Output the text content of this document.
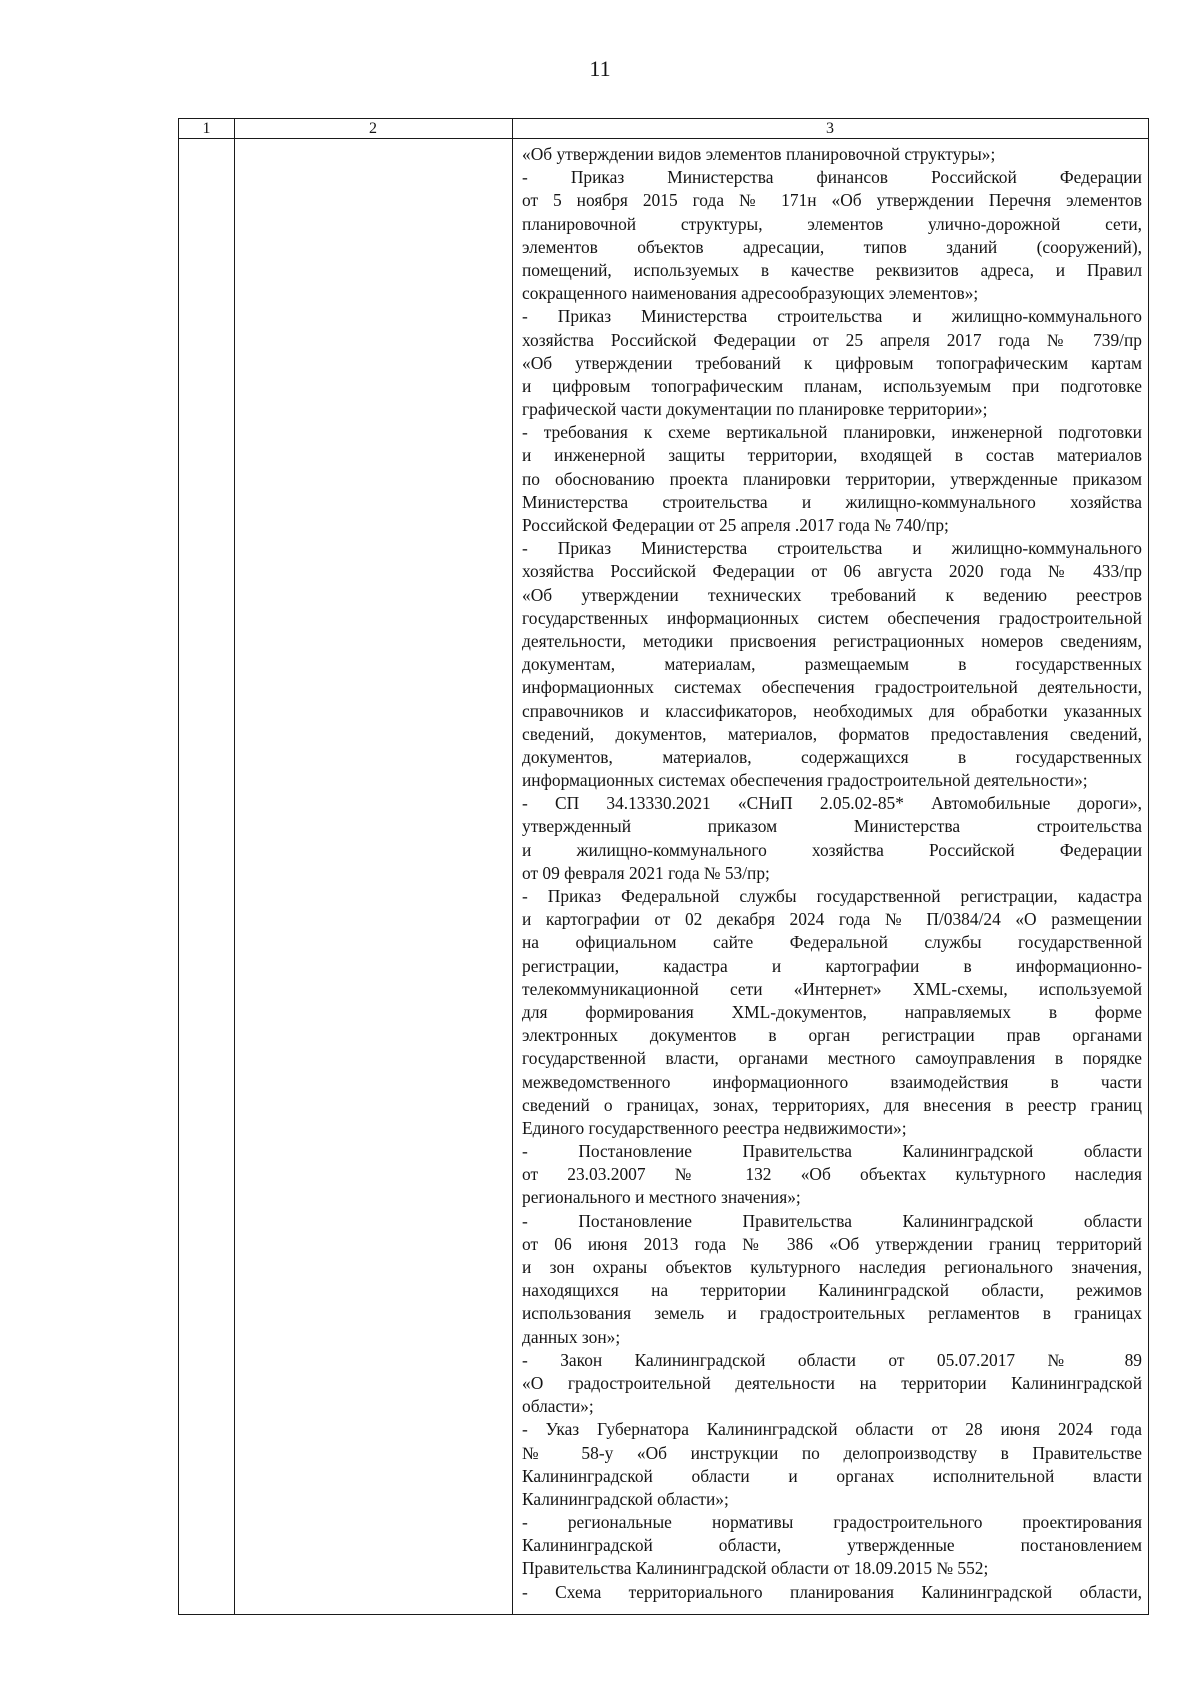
11
1	2	3
«Об утверждении видов элементов планировочной структуры»;
- Приказ Министерства финансов Российской Федерации
от 5 ноября 2015 года № 171н «Об утверждении Перечня элементов
планировочной структуры, элементов улично-дорожной сети,
элементов объектов адресации, типов зданий (сооружений),
помещений, используемых в качестве реквизитов адреса, и Правил
сокращенного наименования адресообразующих элементов»;
- Приказ Министерства строительства и жилищно-коммунального
хозяйства Российской Федерации от 25 апреля 2017 года № 739/пр
«Об утверждении требований к цифровым топографическим картам
и цифровым топографическим планам, используемым при подготовке
графической части документации по планировке территории»;
- требования к схеме вертикальной планировки, инженерной подготовки
и инженерной защиты территории, входящей в состав материалов
по обоснованию проекта планировки территории, утвержденные приказом
Министерства строительства и жилищно-коммунального хозяйства
Российской Федерации от 25 апреля .2017 года № 740/пр;
- Приказ Министерства строительства и жилищно-коммунального
хозяйства Российской Федерации от 06 августа 2020 года № 433/пр
«Об утверждении технических требований к ведению реестров
государственных информационных систем обеспечения градостроительной
деятельности, методики присвоения регистрационных номеров сведениям,
документам, материалам, размещаемым в государственных
информационных системах обеспечения градостроительной деятельности,
справочников и классификаторов, необходимых для обработки указанных
сведений, документов, материалов, форматов предоставления сведений,
документов, материалов, содержащихся в государственных
информационных системах обеспечения градостроительной деятельности»;
- СП 34.13330.2021 «СНиП 2.05.02-85* Автомобильные дороги»,
утвержденный приказом Министерства строительства
и жилищно-коммунального хозяйства Российской Федерации
от 09 февраля 2021 года № 53/пр;
- Приказ Федеральной службы государственной регистрации, кадастра
и картографии от 02 декабря 2024 года № П/0384/24 «О размещении
на официальном сайте Федеральной службы государственной
регистрации, кадастра и картографии в информационно-
телекоммуникационной сети «Интернет» XML-схемы, используемой
для формирования XML-документов, направляемых в форме
электронных документов в орган регистрации прав органами
государственной власти, органами местного самоуправления в порядке
межведомственного информационного взаимодействия в части
сведений о границах, зонах, территориях, для внесения в реестр границ
Единого государственного реестра недвижимости»;
- Постановление Правительства Калининградской области
от 23.03.2007 № 132 «Об объектах культурного наследия
регионального и местного значения»;
- Постановление Правительства Калининградской области
от 06 июня 2013 года № 386 «Об утверждении границ территорий
и зон охраны объектов культурного наследия регионального значения,
находящихся на территории Калининградской области, режимов
использования земель и градостроительных регламентов в границах
данных зон»;
- Закон Калининградской области от 05.07.2017 № 89
«О градостроительной деятельности на территории Калининградской
области»;
- Указ Губернатора Калининградской области от 28 июня 2024 года
№ 58-у «Об инструкции по делопроизводству в Правительстве
Калининградской области и органах исполнительной власти
Калининградской области»;
- региональные нормативы градостроительного проектирования
Калининградской области, утвержденные постановлением
Правительства Калининградской области от 18.09.2015 № 552;
- Схема территориального планирования Калининградской области,
